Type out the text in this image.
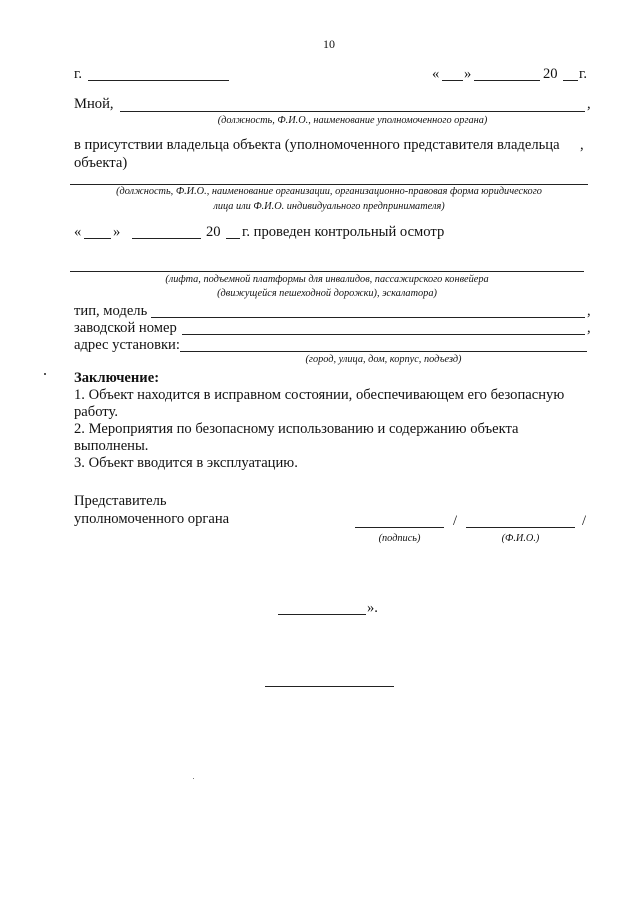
10
г.	« »	20 г.
Мной,	,
(должность, Ф.И.О., наименование уполномоченного органа)
в присутствии владельца объекта (уполномоченного представителя владельца ,
объекта)
(должность, Ф.И.О., наименование организации, организационно-правовая форма юридического
лица или Ф.И.О. индивидуального предпринимателя)
« »	20 г. проведен контрольный осмотр
(лифта, подъемной платформы для инвалидов, пассажирского конвейера
(движущейся пешеходной дорожки), эскалатора)
тип, модель	,
заводской номер	,
адрес установки:
(город, улица, дом, корпус, подъезд)
Заключение:
1. Объект находится в исправном состоянии, обеспечивающем его безопасную
работу.
2. Мероприятия по безопасному использованию и содержанию объекта
выполнены.
3. Объект вводится в эксплуатацию.
Представитель
уполномоченного органа	/	/
(подпись)	(Ф.И.О.)
».
